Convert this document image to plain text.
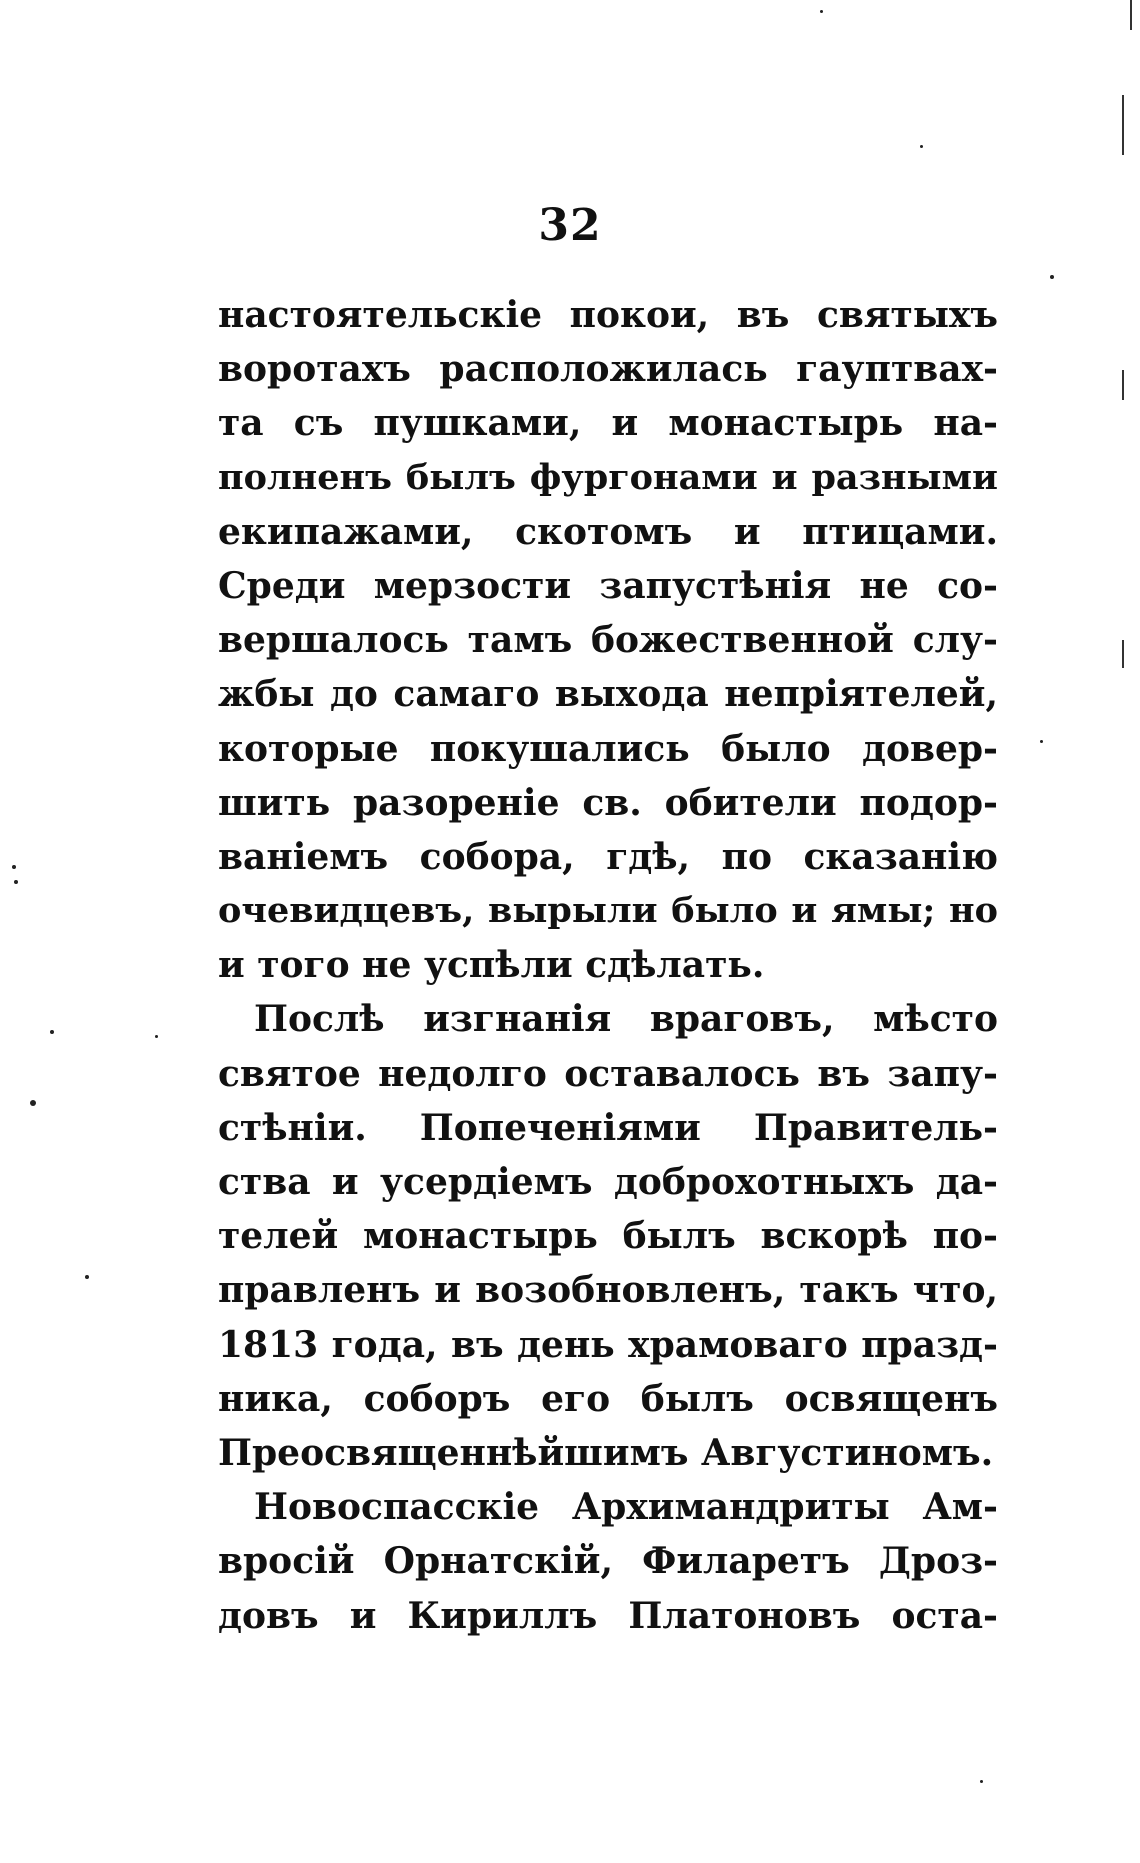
32
настоятельскіе покои, въ святыхъ
воротахъ расположилась гауптвах-
та съ пушками, и монастырь на-
полненъ былъ фургонами и разными
екипажами, скотомъ и птицами.
Среди мерзости запустѣнія не со-
вершалось тамъ божественной слу-
жбы до самаго выхода непріятелей,
которые покушались было довер-
шить разореніе св. обители подор-
ваніемъ собора, гдѣ, по сказанію
очевидцевъ, вырыли было и ямы; но
и того не успѣли сдѣлать.
Послѣ изгнанія враговъ, мѣсто
святое недолго оставалось въ запу-
стѣніи. Попеченіями Правитель-
ства и усердіемъ доброхотныхъ да-
телей монастырь былъ вскорѣ по-
правленъ и возобновленъ, такъ что,
1813 года, въ день храмоваго празд-
ника, соборъ его былъ освященъ
Преосвященнѣйшимъ Августиномъ.
Новоспасскіе Архимандриты Ам-
вросій Орнатскій, Филаретъ Дроз-
довъ и Кириллъ Платоновъ оста-
